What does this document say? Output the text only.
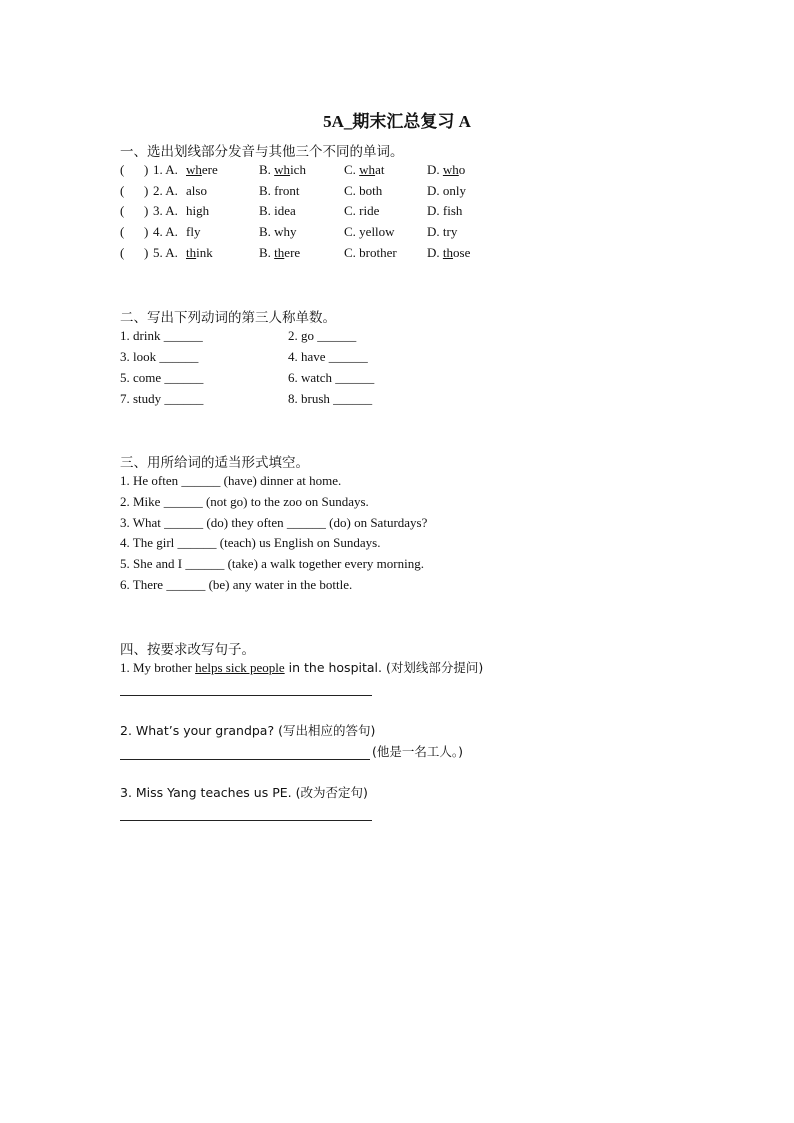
5A_期末汇总复习 A
一、选出划线部分发音与其他三个不同的单词。
( ) 1. A. where	B. which	C. what	D. who
( ) 2. A. also	B. front	C. both	D. only
( ) 3. A. high	B. idea	C. ride	D. fish
( ) 4. A. fly	B. why	C. yellow D. try
( ) 5. A. think	B. there	C. brother D. those
二、写出下列动词的第三人称单数。
1. drink ______	2. go ______
3. look ______	4. have ______
5. come ______	6. watch ______
7. study ______	8. brush ______
三、用所给词的适当形式填空。
1. He often ______ (have) dinner at home.
2. Mike ______ (not go) to the zoo on Sundays.
3. What ______ (do) they often ______ (do) on Saturdays?
4. The girl ______ (teach) us English on Sundays.
5. She and I ______ (take) a walk together every morning.
6. There ______ (be) any water in the bottle.
四、按要求改写句子。
1. My brother helps sick people in the hospital. (对划线部分提问)
2. What’s your grandpa? (写出相应的答句)
(他是一名工人。)
3. Miss Yang teaches us PE. (改为否定句)
